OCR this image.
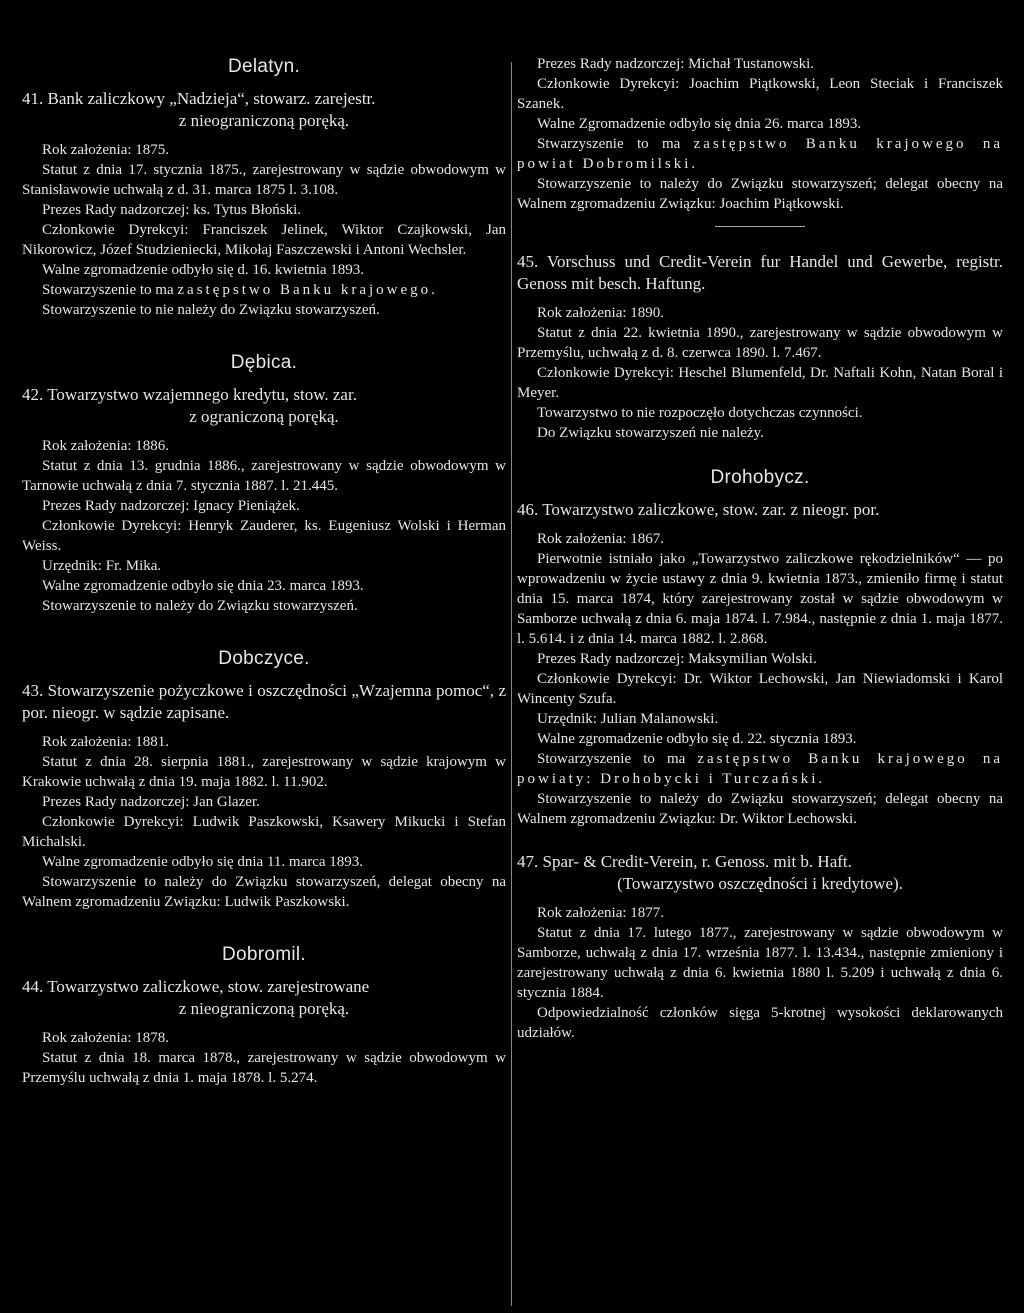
Delatyn.

41. Bank zaliczkowy „Nadzieja“, stowarz. zarejestr.

z nieograniczoną poręką.

Rok założenia: 1875.

Statut z dnia 17. stycznia 1875., zarejestrowany w sądzie obwodowym w Stanisławowie uchwałą z d. 31. marca 1875 l. 3.108.

Prezes Rady nadzorczej: ks. Tytus Błoński.

Członkowie Dyrekcyi: Franciszek Jelinek, Wiktor Czajkowski, Jan Nikorowicz, Józef Studzieniecki, Mikołaj Faszczewski i Antoni Wechsler.

Walne zgromadzenie odbyło się d. 16. kwietnia 1893.

Stowarzyszenie to ma zastępstwo Banku krajowego.

Stowarzyszenie to nie należy do Związku stowarzyszeń.

Dębica.

42. Towarzystwo wzajemnego kredytu, stow. zar.

z ograniczoną poręką.

Rok założenia: 1886.

Statut z dnia 13. grudnia 1886., zarejestrowany w sądzie obwodowym w Tarnowie uchwałą z dnia 7. stycznia 1887. l. 21.445.

Prezes Rady nadzorczej: Ignacy Pieniążek.

Członkowie Dyrekcyi: Henryk Zauderer, ks. Eugeniusz Wolski i Herman Weiss.

Urzędnik: Fr. Mika.

Walne zgromadzenie odbyło się dnia 23. marca 1893.

Stowarzyszenie to należy do Związku stowarzyszeń.

Dobczyce.

43. Stowarzyszenie pożyczkowe i oszczędności „Wzajemna pomoc“, z por. nieogr. w sądzie zapisane.

Rok założenia: 1881.

Statut z dnia 28. sierpnia 1881., zarejestrowany w sądzie krajowym w Krakowie uchwałą z dnia 19. maja 1882. l. 11.902.

Prezes Rady nadzorczej: Jan Glazer.

Członkowie Dyrekcyi: Ludwik Paszkowski, Ksawery Mikucki i Stefan Michalski.

Walne zgromadzenie odbyło się dnia 11. marca 1893.

Stowarzyszenie to należy do Związku stowarzyszeń, delegat obecny na Walnem zgromadzeniu Związku: Ludwik Paszkowski.

Dobromil.

44. Towarzystwo zaliczkowe, stow. zarejestrowane

z nieograniczoną poręką.

Rok założenia: 1878.

Statut z dnia 18. marca 1878., zarejestrowany w sądzie obwodowym w Przemyślu uchwałą z dnia 1. maja 1878. l. 5.274.

Prezes Rady nadzorczej: Michał Tustanowski.

Członkowie Dyrekcyi: Joachim Piątkowski, Leon Steciak i Franciszek Szanek.

Walne Zgromadzenie odbyło się dnia 26. marca 1893.

Stwarzyszenie to ma zastępstwo Banku krajowego na powiat Dobromilski.

Stowarzyszenie to należy do Związku stowarzyszeń; delegat obecny na Walnem zgromadzeniu Związku: Joachim Piątkowski.

45. Vorschuss und Credit-Verein fur Handel und Gewerbe, registr. Genoss mit besch. Haftung.

Rok założenia: 1890.

Statut z dnia 22. kwietnia 1890., zarejestrowany w sądzie obwodowym w Przemyślu, uchwałą z d. 8. czerwca 1890. l. 7.467.

Członkowie Dyrekcyi: Heschel Blumenfeld, Dr. Naftali Kohn, Natan Boral i Meyer.

Towarzystwo to nie rozpoczęło dotychczas czynności.

Do Związku stowarzyszeń nie należy.

Drohobycz.

46. Towarzystwo zaliczkowe, stow. zar. z nieogr. por.

Rok założenia: 1867.

Pierwotnie istniało jako „Towarzystwo zaliczkowe rękodzielników“ — po wprowadzeniu w życie ustawy z dnia 9. kwietnia 1873., zmieniło firmę i statut dnia 15. marca 1874, który zarejestrowany został w sądzie obwodowym w Samborze uchwałą z dnia 6. maja 1874. l. 7.984., następnie z dnia 1. maja 1877. l. 5.614. i z dnia 14. marca 1882. l. 2.868.

Prezes Rady nadzorczej: Maksymilian Wolski.

Członkowie Dyrekcyi: Dr. Wiktor Lechowski, Jan Niewiadomski i Karol Wincenty Szufa.

Urzędnik: Julian Malanowski.

Walne zgromadzenie odbyło się d. 22. stycznia 1893.

Stowarzyszenie to ma zastępstwo Banku krajowego na powiaty: Drohobycki i Turczański.

Stowarzyszenie to należy do Związku stowarzyszeń; delegat obecny na Walnem zgromadzeniu Związku: Dr. Wiktor Lechowski.

47. Spar- & Credit-Verein, r. Genoss. mit b. Haft.

(Towarzystwo oszczędności i kredytowe).

Rok założenia: 1877.

Statut z dnia 17. lutego 1877., zarejestrowany w sądzie obwodowym w Samborze, uchwałą z dnia 17. września 1877. l. 13.434., następnie zmieniony i zarejestrowany uchwałą z dnia 6. kwietnia 1880 l. 5.209 i uchwałą z dnia 6. stycznia 1884.

Odpowiedzialność członków sięga 5-krotnej wysokości deklarowanych udziałów.
